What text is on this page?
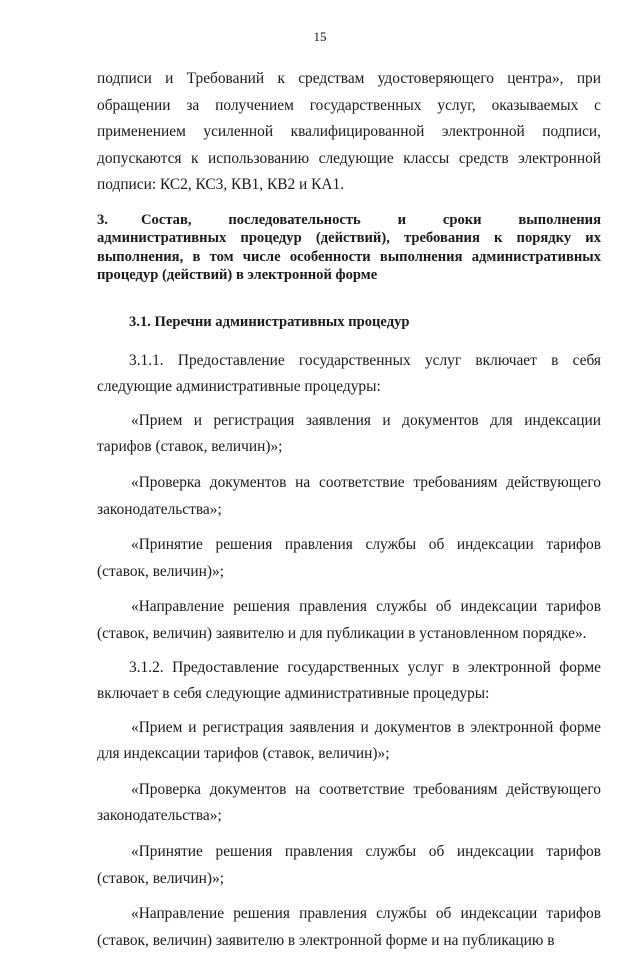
15

подписи и Требований к средствам удостоверяющего центра», при обращении за получением государственных услуг, оказываемых с применением усиленной квалифицированной электронной подписи, допускаются к использованию следующие классы средств электронной подписи: КС2, КС3, КВ1, КВ2 и КА1.

3. Состав, последовательность и сроки выполнения административных процедур (действий), требования к порядку их выполнения, в том числе особенности выполнения административных процедур (действий) в электронной форме

3.1. Перечни административных процедур

3.1.1. Предоставление государственных услуг включает в себя следующие административные процедуры:

«Прием и регистрация заявления и документов для индексации тарифов (ставок, величин)»;

«Проверка документов на соответствие требованиям действующего законодательства»;

«Принятие решения правления службы об индексации тарифов (ставок, величин)»;

«Направление решения правления службы об индексации тарифов (ставок, величин) заявителю и для публикации в установленном порядке».

3.1.2. Предоставление государственных услуг в электронной форме включает в себя следующие административные процедуры:

«Прием и регистрация заявления и документов в электронной форме для индексации тарифов (ставок, величин)»;

«Проверка документов на соответствие требованиям действующего законодательства»;

«Принятие решения правления службы об индексации тарифов (ставок, величин)»;

«Направление решения правления службы об индексации тарифов (ставок, величин) заявителю в электронной форме и на публикацию в
